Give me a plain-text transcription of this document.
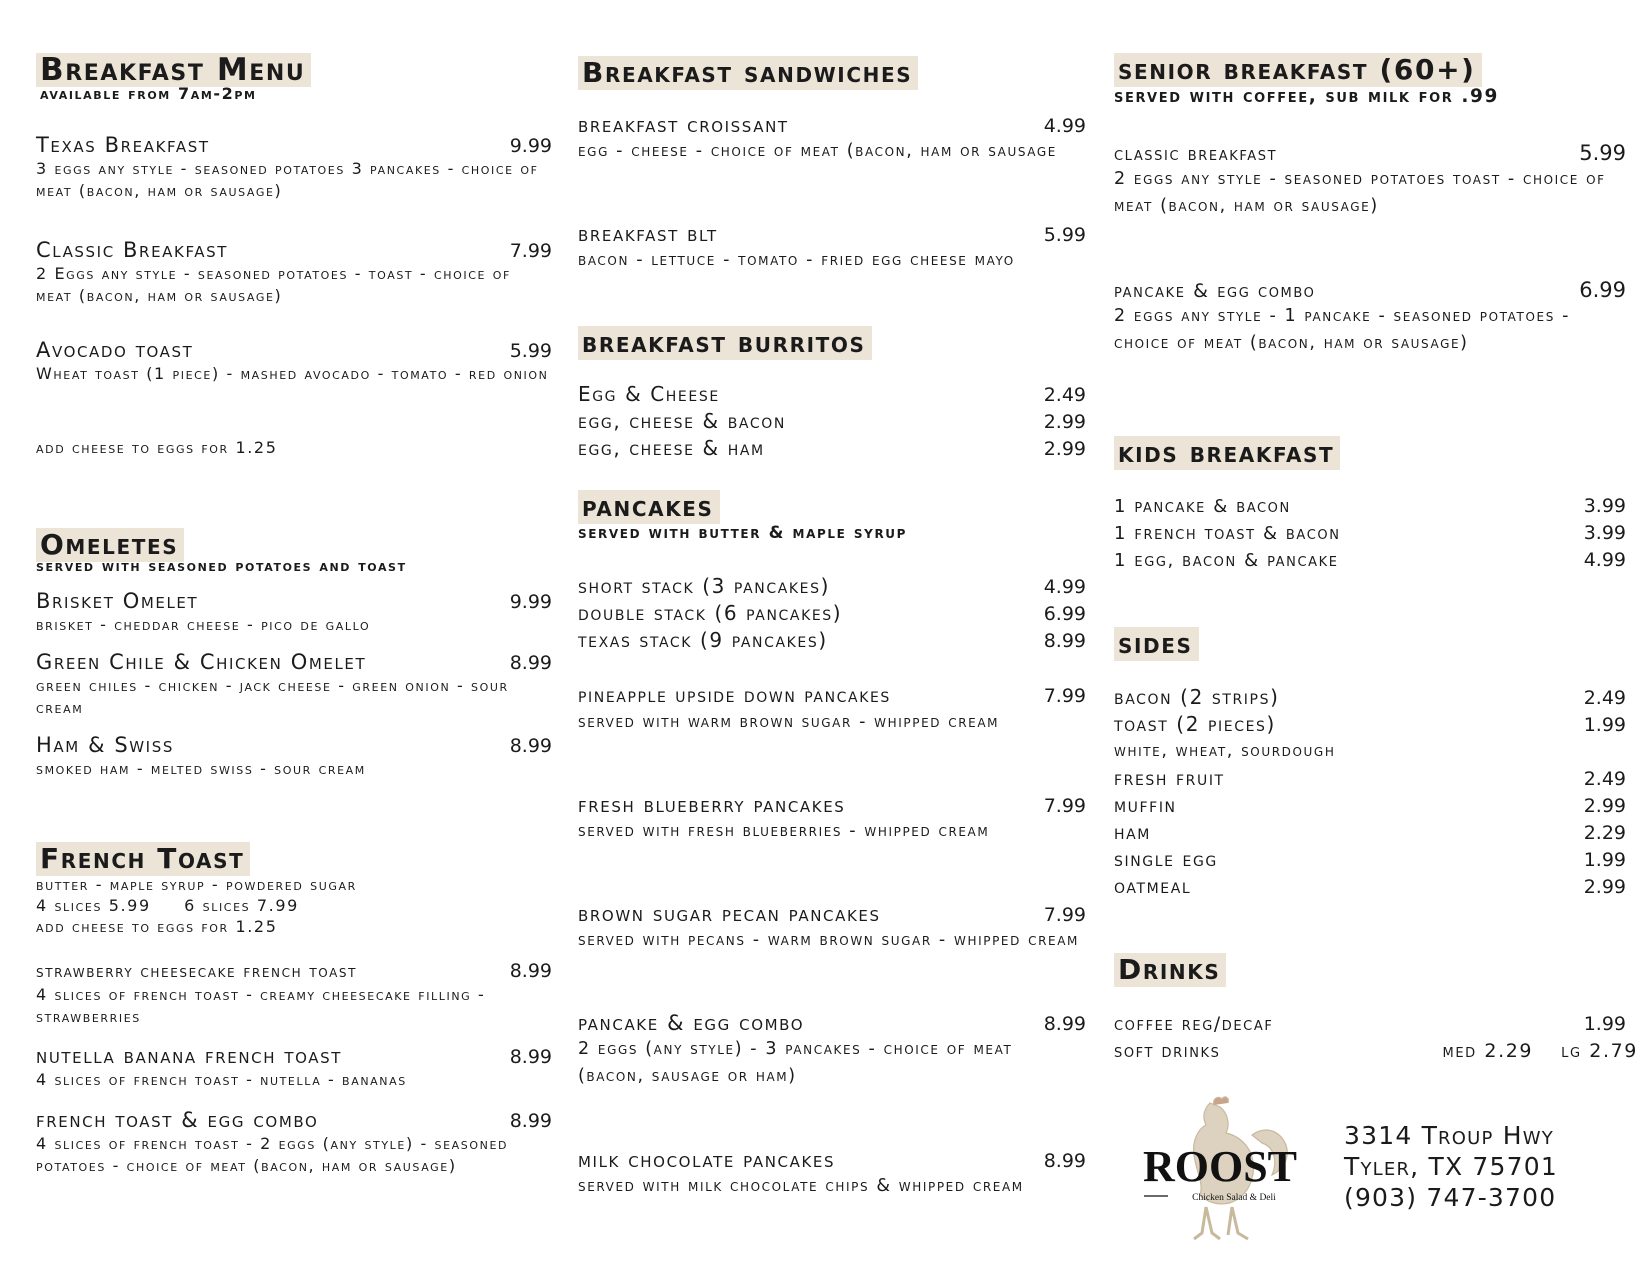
Breakfast Menu
available from 7am-2pm
Texas Breakfast	9.99
3 eggs any style - seasoned potatoes 3 pancakes - choice of meat (bacon, ham or sausage)
Classic Breakfast	7.99
2 Eggs any style - seasoned potatoes - toast - choice of meat (bacon, ham or sausage)
Avocado toast	5.99
Wheat toast (1 piece) - mashed avocado - tomato - red onion
add cheese to eggs for 1.25
Omeletes
served with seasoned potatoes and toast
Brisket Omelet	9.99
brisket - cheddar cheese - pico de gallo
Green Chile & Chicken Omelet	8.99
green chiles - chicken - jack cheese - green onion - sour cream
Ham & Swiss	8.99
smoked ham - melted swiss - sour cream
French Toast
butter - maple syrup - powdered sugar
4 slices 5.99     6 slices 7.99
add cheese to eggs for 1.25
strawberry cheesecake french toast	8.99
4 slices of french toast - creamy cheesecake filling - strawberries
nutella banana french toast	8.99
4 slices of french toast - nutella - bananas
french toast & egg combo	8.99
4 slices of french toast - 2 eggs (any style) - seasoned potatoes - choice of meat (bacon, ham or sausage)
Breakfast sandwiches
breakfast croissant	4.99
egg - cheese - choice of meat (bacon, ham or sausage
breakfast blt	5.99
bacon - lettuce - tomato - fried egg cheese mayo
breakfast burritos
Egg & Cheese	2.49
egg, cheese & bacon	2.99
egg, cheese & ham	2.99
pancakes
served with butter & maple syrup
short stack (3 pancakes)	4.99
double stack (6 pancakes)	6.99
texas stack (9 pancakes)	8.99
pineapple upside down pancakes	7.99
served with warm brown sugar - whipped cream
fresh blueberry pancakes	7.99
served with fresh blueberries - whipped cream
brown sugar pecan pancakes	7.99
served with pecans - warm brown sugar - whipped cream
pancake & egg combo	8.99
2 eggs (any style) - 3 pancakes - choice of meat (bacon, sausage or ham)
milk chocolate pancakes	8.99
served with milk chocolate chips & whipped cream
senior breakfast (60+)
served with coffee, sub milk for .99
classic breakfast	5.99
2 eggs any style - seasoned potatoes toast - choice of meat (bacon, ham or sausage)
pancake & egg combo	6.99
2 eggs any style - 1 pancake - seasoned potatoes - choice of meat (bacon, ham or sausage)
kids breakfast
1 pancake & bacon	3.99
1 french toast & bacon	3.99
1 egg, bacon & pancake	4.99
sides
bacon (2 strips)	2.49
toast (2 pieces)	1.99
white, wheat, sourdough
fresh fruit	2.49
muffin	2.99
ham	2.29
single egg	1.99
oatmeal	2.99
Drinks
coffee reg/decaf	1.99
soft drinks	med 2.29 lg 2.79
ROOST
Chicken Salad & Deli
3314 Troup Hwy
Tyler, TX 75701
(903) 747-3700
